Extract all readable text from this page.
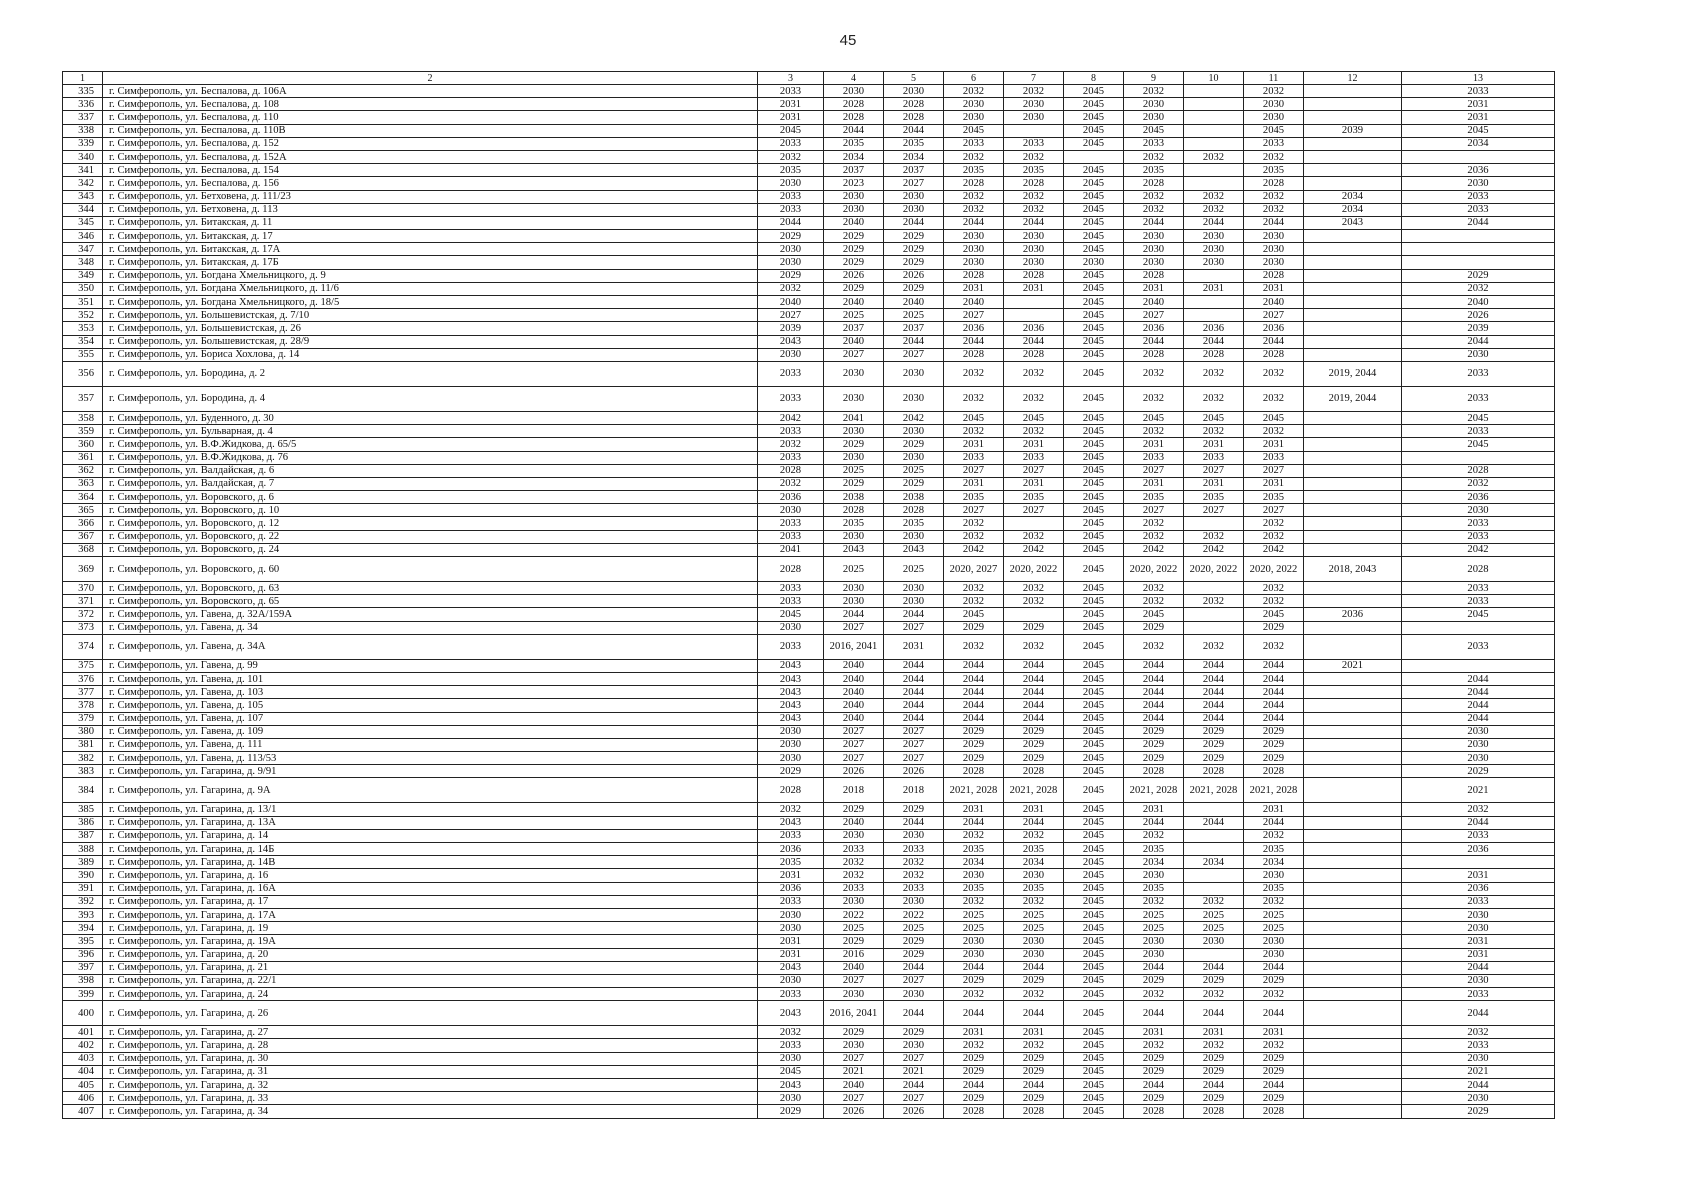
45
1	2	3	4	5	6	7	8	9	10	11	12	13
335	г. Симферополь, ул. Беспалова, д. 106А	2033	2030	2030	2032	2032	2045	2032		2032		2033
336	г. Симферополь, ул. Беспалова, д. 108	2031	2028	2028	2030	2030	2045	2030		2030		2031
337	г. Симферополь, ул. Беспалова, д. 110	2031	2028	2028	2030	2030	2045	2030		2030		2031
338	г. Симферополь, ул. Беспалова, д. 110В	2045	2044	2044	2045		2045	2045		2045	2039	2045
339	г. Симферополь, ул. Беспалова, д. 152	2033	2035	2035	2033	2033	2045	2033		2033		2034
340	г. Симферополь, ул. Беспалова, д. 152А	2032	2034	2034	2032	2032		2032	2032	2032		
341	г. Симферополь, ул. Беспалова, д. 154	2035	2037	2037	2035	2035	2045	2035		2035		2036
342	г. Симферополь, ул. Беспалова, д. 156	2030	2023	2027	2028	2028	2045	2028		2028		2030
343	г. Симферополь, ул. Бетховена, д. 111/23	2033	2030	2030	2032	2032	2045	2032	2032	2032	2034	2033
344	г. Симферополь, ул. Бетховена, д. 113	2033	2030	2030	2032	2032	2045	2032	2032	2032	2034	2033
345	г. Симферополь, ул. Битакская, д. 11	2044	2040	2044	2044	2044	2045	2044	2044	2044	2043	2044
346	г. Симферополь, ул. Битакская, д. 17	2029	2029	2029	2030	2030	2045	2030	2030	2030		
347	г. Симферополь, ул. Битакская, д. 17А	2030	2029	2029	2030	2030	2045	2030	2030	2030		
348	г. Симферополь, ул. Битакская, д. 17Б	2030	2029	2029	2030	2030	2030	2030	2030	2030		
349	г. Симферополь, ул. Богдана Хмельницкого, д. 9	2029	2026	2026	2028	2028	2045	2028		2028		2029
350	г. Симферополь, ул. Богдана Хмельницкого, д. 11/6	2032	2029	2029	2031	2031	2045	2031	2031	2031		2032
351	г. Симферополь, ул. Богдана Хмельницкого, д. 18/5	2040	2040	2040	2040		2045	2040		2040		2040
352	г. Симферополь, ул. Большевистская, д. 7/10	2027	2025	2025	2027		2045	2027		2027		2026
353	г. Симферополь, ул. Большевистская, д. 26	2039	2037	2037	2036	2036	2045	2036	2036	2036		2039
354	г. Симферополь, ул. Большевистская, д. 28/9	2043	2040	2044	2044	2044	2045	2044	2044	2044		2044
355	г. Симферополь, ул. Бориса Хохлова, д. 14	2030	2027	2027	2028	2028	2045	2028	2028	2028		2030
356	г. Симферополь, ул. Бородина, д. 2	2033	2030	2030	2032	2032	2045	2032	2032	2032	2019, 2044	2033
357	г. Симферополь, ул. Бородина, д. 4	2033	2030	2030	2032	2032	2045	2032	2032	2032	2019, 2044	2033
358	г. Симферополь, ул. Буденного, д. 30	2042	2041	2042	2045	2045	2045	2045	2045	2045		2045
359	г. Симферополь, ул. Бульварная, д. 4	2033	2030	2030	2032	2032	2045	2032	2032	2032		2033
360	г. Симферополь, ул. В.Ф.Жидкова, д. 65/5	2032	2029	2029	2031	2031	2045	2031	2031	2031		2045
361	г. Симферополь, ул. В.Ф.Жидкова, д. 76	2033	2030	2030	2033	2033	2045	2033	2033	2033		
362	г. Симферополь, ул. Валдайская, д. 6	2028	2025	2025	2027	2027	2045	2027	2027	2027		2028
363	г. Симферополь, ул. Валдайская, д. 7	2032	2029	2029	2031	2031	2045	2031	2031	2031		2032
364	г. Симферополь, ул. Воровского, д. 6	2036	2038	2038	2035	2035	2045	2035	2035	2035		2036
365	г. Симферополь, ул. Воровского, д. 10	2030	2028	2028	2027	2027	2045	2027	2027	2027		2030
366	г. Симферополь, ул. Воровского, д. 12	2033	2035	2035	2032		2045	2032		2032		2033
367	г. Симферополь, ул. Воровского, д. 22	2033	2030	2030	2032	2032	2045	2032	2032	2032		2033
368	г. Симферополь, ул. Воровского, д. 24	2041	2043	2043	2042	2042	2045	2042	2042	2042		2042
369	г. Симферополь, ул. Воровского, д. 60	2028	2025	2025	2020, 2027	2020, 2022	2045	2020, 2022	2020, 2022	2020, 2022	2018, 2043	2028
370	г. Симферополь, ул. Воровского, д. 63	2033	2030	2030	2032	2032	2045	2032		2032		2033
371	г. Симферополь, ул. Воровского, д. 65	2033	2030	2030	2032	2032	2045	2032	2032	2032		2033
372	г. Симферополь, ул. Гавена, д. 32А/159А	2045	2044	2044	2045		2045	2045		2045	2036	2045
373	г. Симферополь, ул. Гавена, д. 34	2030	2027	2027	2029	2029	2045	2029		2029		
374	г. Симферополь, ул. Гавена, д. 34А	2033	2016, 2041	2031	2032	2032	2045	2032	2032	2032		2033
375	г. Симферополь, ул. Гавена, д. 99	2043	2040	2044	2044	2044	2045	2044	2044	2044	2021	
376	г. Симферополь, ул. Гавена, д. 101	2043	2040	2044	2044	2044	2045	2044	2044	2044		2044
377	г. Симферополь, ул. Гавена, д. 103	2043	2040	2044	2044	2044	2045	2044	2044	2044		2044
378	г. Симферополь, ул. Гавена, д. 105	2043	2040	2044	2044	2044	2045	2044	2044	2044		2044
379	г. Симферополь, ул. Гавена, д. 107	2043	2040	2044	2044	2044	2045	2044	2044	2044		2044
380	г. Симферополь, ул. Гавена, д. 109	2030	2027	2027	2029	2029	2045	2029	2029	2029		2030
381	г. Симферополь, ул. Гавена, д. 111	2030	2027	2027	2029	2029	2045	2029	2029	2029		2030
382	г. Симферополь, ул. Гавена, д. 113/53	2030	2027	2027	2029	2029	2045	2029	2029	2029		2030
383	г. Симферополь, ул. Гагарина, д. 9/91	2029	2026	2026	2028	2028	2045	2028	2028	2028		2029
384	г. Симферополь, ул. Гагарина, д. 9А	2028	2018	2018	2021, 2028	2021, 2028	2045	2021, 2028	2021, 2028	2021, 2028		2021
385	г. Симферополь, ул. Гагарина, д. 13/1	2032	2029	2029	2031	2031	2045	2031		2031		2032
386	г. Симферополь, ул. Гагарина, д. 13А	2043	2040	2044	2044	2044	2045	2044	2044	2044		2044
387	г. Симферополь, ул. Гагарина, д. 14	2033	2030	2030	2032	2032	2045	2032		2032		2033
388	г. Симферополь, ул. Гагарина, д. 14Б	2036	2033	2033	2035	2035	2045	2035		2035		2036
389	г. Симферополь, ул. Гагарина, д. 14В	2035	2032	2032	2034	2034	2045	2034	2034	2034		
390	г. Симферополь, ул. Гагарина, д. 16	2031	2032	2032	2030	2030	2045	2030		2030		2031
391	г. Симферополь, ул. Гагарина, д. 16А	2036	2033	2033	2035	2035	2045	2035		2035		2036
392	г. Симферополь, ул. Гагарина, д. 17	2033	2030	2030	2032	2032	2045	2032	2032	2032		2033
393	г. Симферополь, ул. Гагарина, д. 17А	2030	2022	2022	2025	2025	2045	2025	2025	2025		2030
394	г. Симферополь, ул. Гагарина, д. 19	2030	2025	2025	2025	2025	2045	2025	2025	2025		2030
395	г. Симферополь, ул. Гагарина, д. 19А	2031	2029	2029	2030	2030	2045	2030	2030	2030		2031
396	г. Симферополь, ул. Гагарина, д. 20	2031	2016	2029	2030	2030	2045	2030		2030		2031
397	г. Симферополь, ул. Гагарина, д. 21	2043	2040	2044	2044	2044	2045	2044	2044	2044		2044
398	г. Симферополь, ул. Гагарина, д. 22/1	2030	2027	2027	2029	2029	2045	2029	2029	2029		2030
399	г. Симферополь, ул. Гагарина, д. 24	2033	2030	2030	2032	2032	2045	2032	2032	2032		2033
400	г. Симферополь, ул. Гагарина, д. 26	2043	2016, 2041	2044	2044	2044	2045	2044	2044	2044		2044
401	г. Симферополь, ул. Гагарина, д. 27	2032	2029	2029	2031	2031	2045	2031	2031	2031		2032
402	г. Симферополь, ул. Гагарина, д. 28	2033	2030	2030	2032	2032	2045	2032	2032	2032		2033
403	г. Симферополь, ул. Гагарина, д. 30	2030	2027	2027	2029	2029	2045	2029	2029	2029		2030
404	г. Симферополь, ул. Гагарина, д. 31	2045	2021	2021	2029	2029	2045	2029	2029	2029		2021
405	г. Симферополь, ул. Гагарина, д. 32	2043	2040	2044	2044	2044	2045	2044	2044	2044		2044
406	г. Симферополь, ул. Гагарина, д. 33	2030	2027	2027	2029	2029	2045	2029	2029	2029		2030
407	г. Симферополь, ул. Гагарина, д. 34	2029	2026	2026	2028	2028	2045	2028	2028	2028		2029
